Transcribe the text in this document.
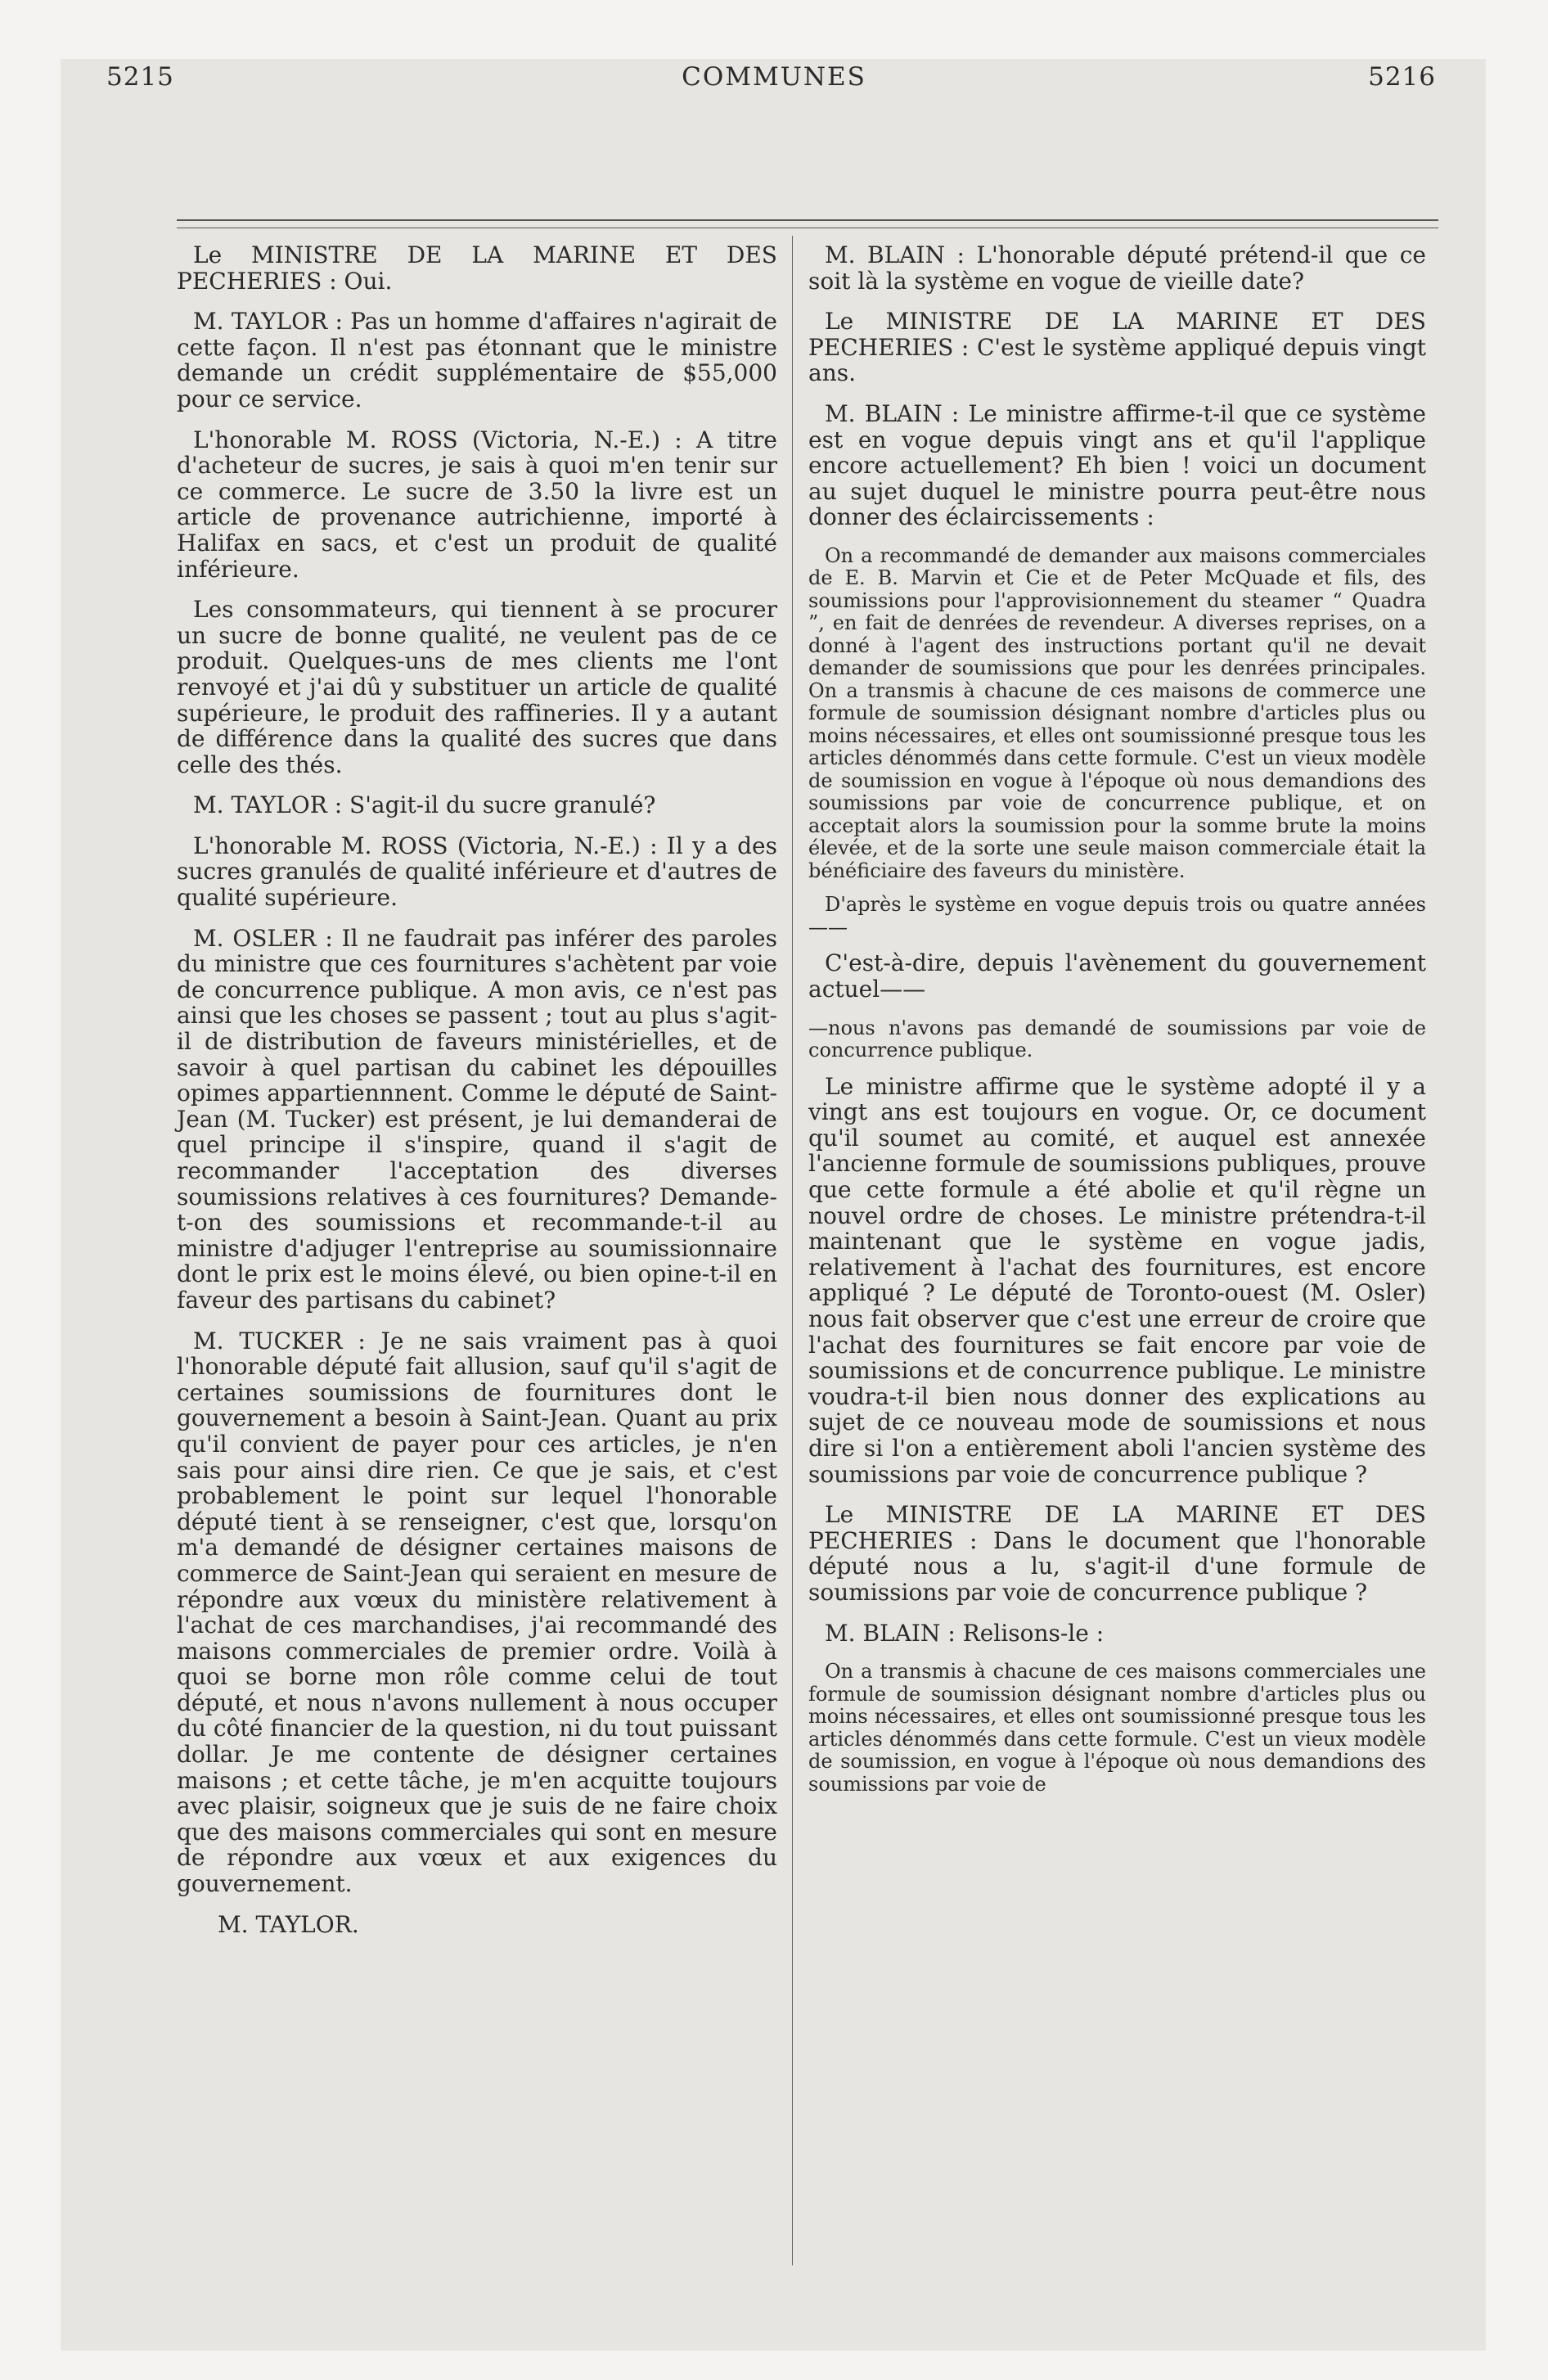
5215	COMMUNES	5216

Le MINISTRE DE LA MARINE ET DES PECHERIES : Oui.

M. TAYLOR : Pas un homme d'affaires n'agirait de cette façon. Il n'est pas étonnant que le ministre demande un crédit supplémentaire de $55,000 pour ce service.

L'honorable M. ROSS (Victoria, N.-E.) : A titre d'acheteur de sucres, je sais à quoi m'en tenir sur ce commerce. Le sucre de 3.50 la livre est un article de provenance autrichienne, importé à Halifax en sacs, et c'est un produit de qualité inférieure.

Les consommateurs, qui tiennent à se procurer un sucre de bonne qualité, ne veulent pas de ce produit. Quelques-uns de mes clients me l'ont renvoyé et j'ai dû y substituer un article de qualité supérieure, le produit des raffineries. Il y a autant de différence dans la qualité des sucres que dans celle des thés.

M. TAYLOR : S'agit-il du sucre granulé?

L'honorable M. ROSS (Victoria, N.-E.) : Il y a des sucres granulés de qualité inférieure et d'autres de qualité supérieure.

M. OSLER : Il ne faudrait pas inférer des paroles du ministre que ces fournitures s'achètent par voie de concurrence publique. A mon avis, ce n'est pas ainsi que les choses se passent ; tout au plus s'agit-il de distribution de faveurs ministérielles, et de savoir à quel partisan du cabinet les dépouilles opimes appartiennnent. Comme le député de Saint-Jean (M. Tucker) est présent, je lui demanderai de quel principe il s'inspire, quand il s'agit de recommander l'acceptation des diverses soumissions relatives à ces fournitures? Demande-t-on des soumissions et recommande-t-il au ministre d'adjuger l'entreprise au soumissionnaire dont le prix est le moins élevé, ou bien opine-t-il en faveur des partisans du cabinet?

M. TUCKER : Je ne sais vraiment pas à quoi l'honorable député fait allusion, sauf qu'il s'agit de certaines soumissions de fournitures dont le gouvernement a besoin à Saint-Jean. Quant au prix qu'il convient de payer pour ces articles, je n'en sais pour ainsi dire rien. Ce que je sais, et c'est probablement le point sur lequel l'honorable député tient à se renseigner, c'est que, lorsqu'on m'a demandé de désigner certaines maisons de commerce de Saint-Jean qui seraient en mesure de répondre aux vœux du ministère relativement à l'achat de ces marchandises, j'ai recommandé des maisons commerciales de premier ordre. Voilà à quoi se borne mon rôle comme celui de tout député, et nous n'avons nullement à nous occuper du côté financier de la question, ni du tout puissant dollar. Je me contente de désigner certaines maisons ; et cette tâche, je m'en acquitte toujours avec plaisir, soigneux que je suis de ne faire choix que des maisons commerciales qui sont en mesure de répondre aux vœux et aux exigences du gouvernement.

M. TAYLOR.

M. BLAIN : L'honorable député prétend-il que ce soit là la système en vogue de vieille date?

Le MINISTRE DE LA MARINE ET DES PECHERIES : C'est le système appliqué depuis vingt ans.

M. BLAIN : Le ministre affirme-t-il que ce système est en vogue depuis vingt ans et qu'il l'applique encore actuellement? Eh bien ! voici un document au sujet duquel le ministre pourra peut-être nous donner des éclaircissements :

On a recommandé de demander aux maisons commerciales de E. B. Marvin et Cie et de Peter McQuade et fils, des soumissions pour l'approvisionnement du steamer “ Quadra ”, en fait de denrées de revendeur. A diverses reprises, on a donné à l'agent des instructions portant qu'il ne devait demander de soumissions que pour les denrées principales. On a transmis à chacune de ces maisons de commerce une formule de soumission désignant nombre d'articles plus ou moins nécessaires, et elles ont soumissionné presque tous les articles dénommés dans cette formule. C'est un vieux modèle de soumission en vogue à l'époque où nous demandions des soumissions par voie de concurrence publique, et on acceptait alors la soumission pour la somme brute la moins élevée, et de la sorte une seule maison commerciale était la bénéficiaire des faveurs du ministère.

D'après le système en vogue depuis trois ou quatre années——

C'est-à-dire, depuis l'avènement du gouvernement actuel——

—nous n'avons pas demandé de soumissions par voie de concurrence publique.

Le ministre affirme que le système adopté il y a vingt ans est toujours en vogue. Or, ce document qu'il soumet au comité, et auquel est annexée l'ancienne formule de soumissions publiques, prouve que cette formule a été abolie et qu'il règne un nouvel ordre de choses. Le ministre prétendra-t-il maintenant que le système en vogue jadis, relativement à l'achat des fournitures, est encore appliqué ? Le député de Toronto-ouest (M. Osler) nous fait observer que c'est une erreur de croire que l'achat des fournitures se fait encore par voie de soumissions et de concurrence publique. Le ministre voudra-t-il bien nous donner des explications au sujet de ce nouveau mode de soumissions et nous dire si l'on a entièrement aboli l'ancien système des soumissions par voie de concurrence publique ?

Le MINISTRE DE LA MARINE ET DES PECHERIES : Dans le document que l'honorable député nous a lu, s'agit-il d'une formule de soumissions par voie de concurrence publique ?

M. BLAIN : Relisons-le :

On a transmis à chacune de ces maisons commerciales une formule de soumission désignant nombre d'articles plus ou moins nécessaires, et elles ont soumissionné presque tous les articles dénommés dans cette formule. C'est un vieux modèle de soumission, en vogue à l'époque où nous demandions des soumissions par voie de
